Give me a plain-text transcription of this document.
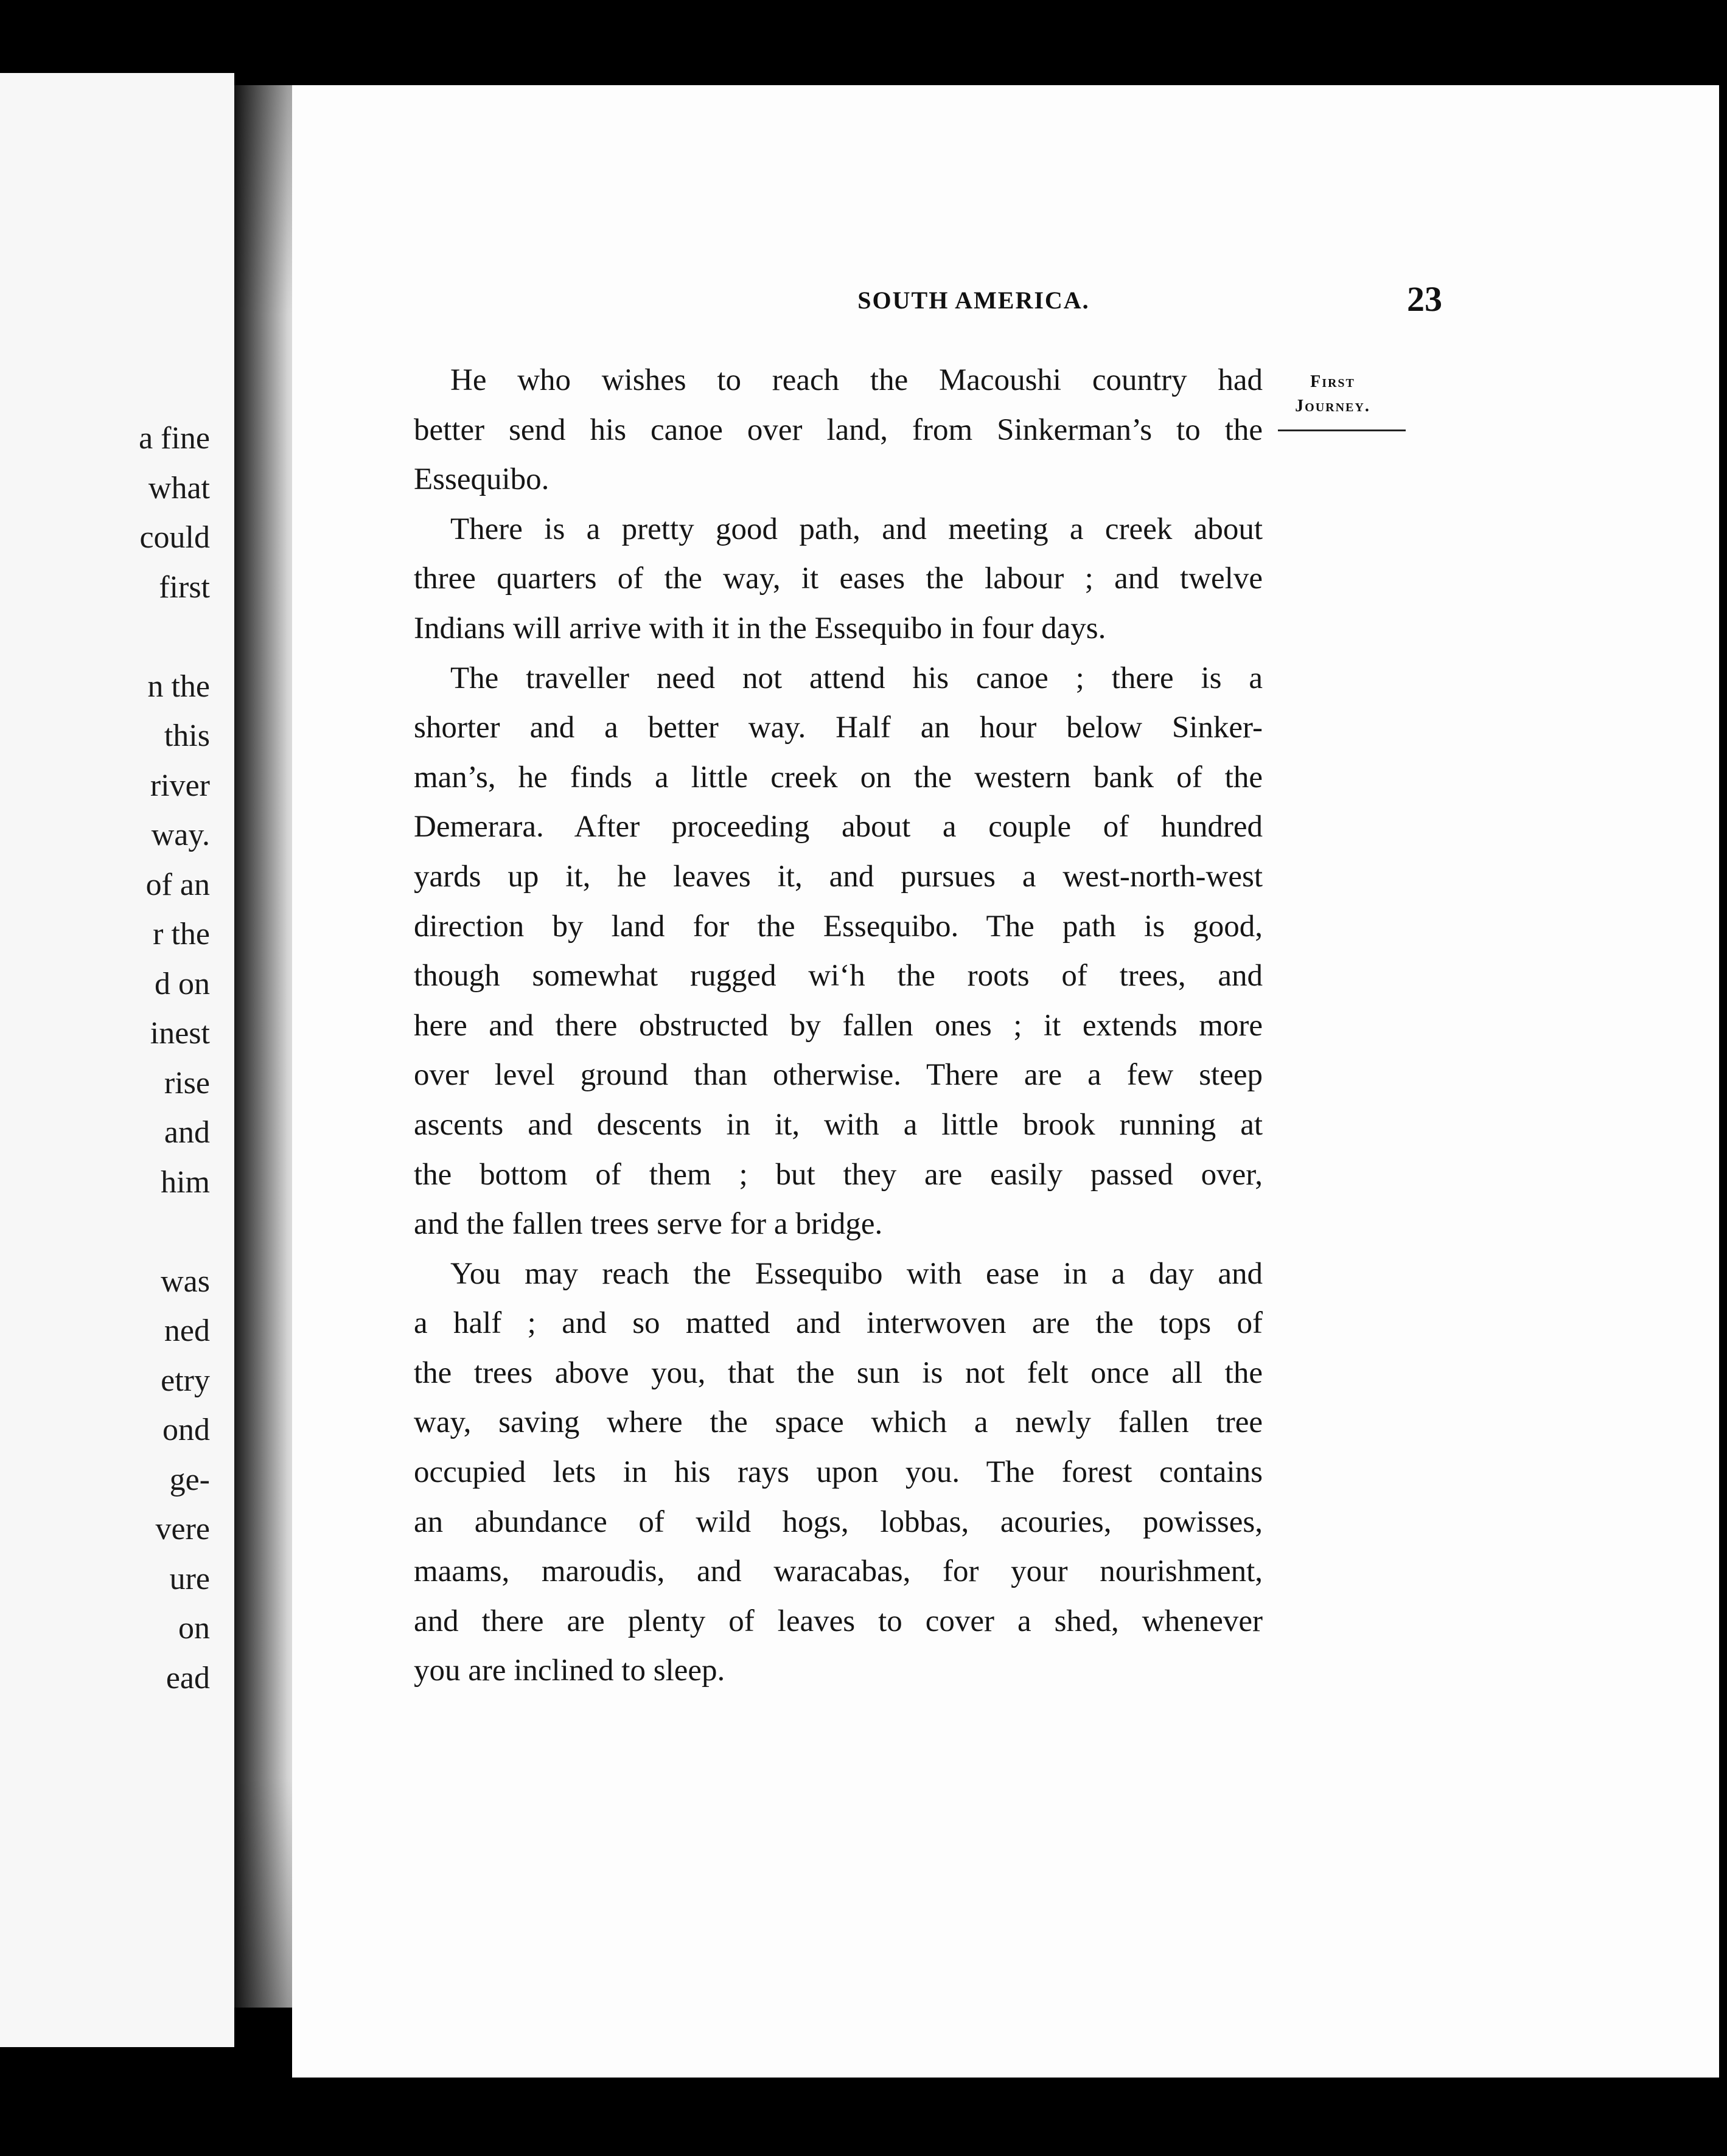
a fine
what
could
first
n the
this
river
way.
of an
r the
d on
inest
rise
and
him
was
ned
etry
ond
ge-
vere
ure
on
ead
SOUTH AMERICA.	23
First
Journey.
He who wishes to reach the Macoushi country had
better send his canoe over land, from Sinkerman’s to the
Essequibo.
There is a pretty good path, and meeting a creek about
three quarters of the way, it eases the labour ; and twelve
Indians will arrive with it in the Essequibo in four days.
The traveller need not attend his canoe ; there is a
shorter and a better way. Half an hour below Sinker-
man’s, he finds a little creek on the western bank of the
Demerara. After proceeding about a couple of hundred
yards up it, he leaves it, and pursues a west-north-west
direction by land for the Essequibo. The path is good,
though somewhat rugged wi‘h the roots of trees, and
here and there obstructed by fallen ones ; it extends more
over level ground than otherwise. There are a few steep
ascents and descents in it, with a little brook running at
the bottom of them ; but they are easily passed over,
and the fallen trees serve for a bridge.
You may reach the Essequibo with ease in a day and
a half ; and so matted and interwoven are the tops of
the trees above you, that the sun is not felt once all the
way, saving where the space which a newly fallen tree
occupied lets in his rays upon you. The forest contains
an abundance of wild hogs, lobbas, acouries, powisses,
maams, maroudis, and waracabas, for your nourishment,
and there are plenty of leaves to cover a shed, whenever
you are inclined to sleep.
